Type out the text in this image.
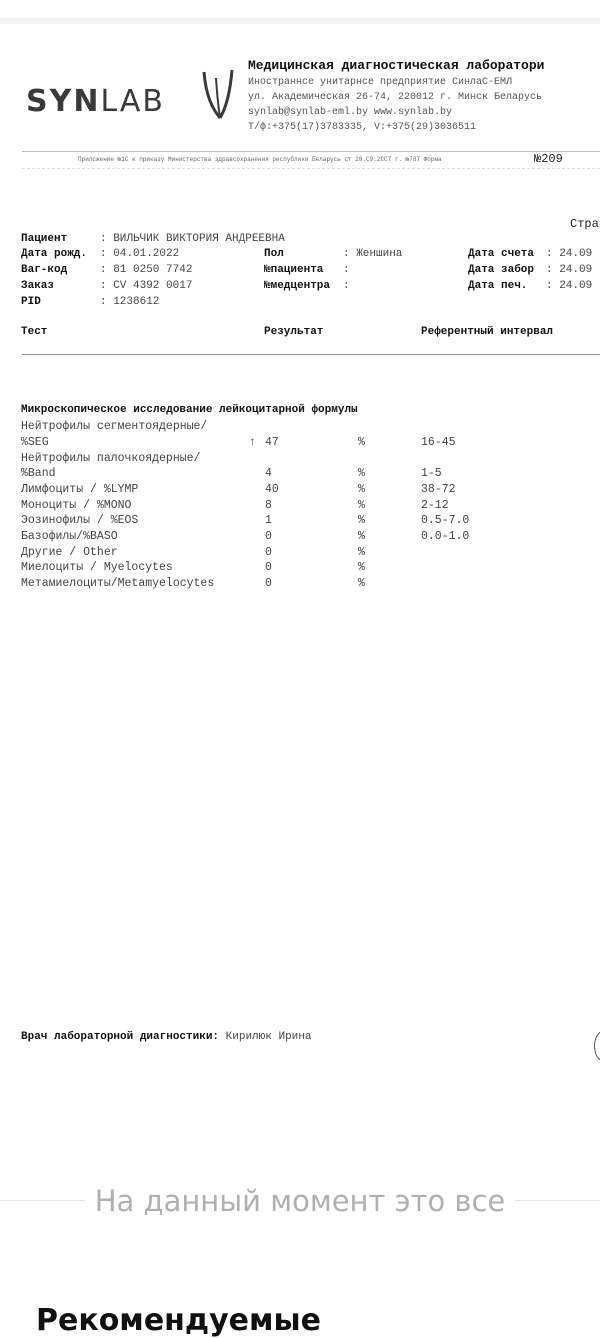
SYNLAB
Медицинская диагностическая лаборатори
Иностраннсе унитарнсе предприятие СинлаС-ЕМЛ
ул. Академическая 26-74, 220012 г. Минск Беларусь
synlab@synlab-eml.by www.synlab.by
Т/ф:+375(17)3783335, V:+375(29)3036511
Прилсжение №1С к приказу Министерства здравсохранения республики Беларусь ст 28.С9.2СС7 г. №787 Форма	№209
Стра
Пациент	: ВИЛЬЧИК ВИКТОРИЯ АНДРЕЕВНА
Дата рожд. : 04.01.2022
Ваг-код	: 81 0250 7742
Заказ	: CV 4392 0017
PID	: 1238612
Пол	: Женшина
№пациента :
№медцентра :
Дата счета : 24.09
Дата забор : 24.09
Дата печ. : 24.09
Тест	Результат	Референтный интервал
Микроскопическое исследование лейкоцитарной формулы
Нейтрофилы сегментоядерные/
%SEG	↑ 47	%	16-45
Нейтрофилы палочкоядерные/
%Band	4	%	1-5
Лимфоциты / %LYMP	40	%	38-72
Моноциты / %MONO	8	%	2-12
Эозинофилы / %EOS	1	%	0.5-7.0
Базофилы/%BASO	0	%	0.0-1.0
Другие / Other	0	%
Миелоциты / Myelocytes	0	%
Метамиелоциты/Metamyelocytes	0	%
Врач лабораторной диагностики: Кирилюк Ирина
На данный момент это все
Рекомендуемые
